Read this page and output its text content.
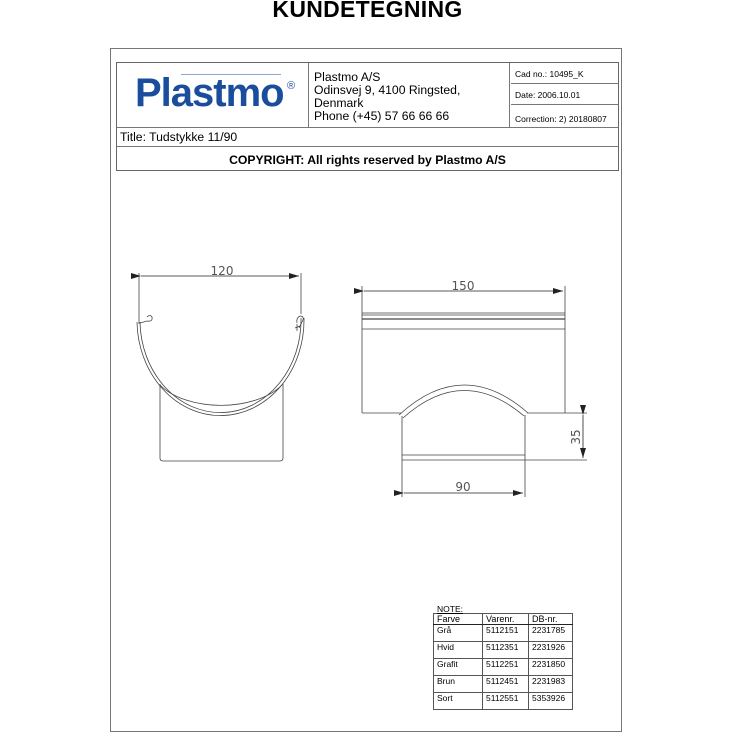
KUNDETEGNING
Plastmo ®
Plastmo A/S
Odinsvej 9, 4100 Ringsted, Denmark
Phone (+45) 57 66 66 66
Cad no.: 10495_K
Date: 2006.10.01
Correction: 2) 20180807
Title: Tudstykke 11/90
COPYRIGHT: All rights reserved by Plastmo A/S
120
150
90
35
NOTE:
Farve	Varenr.	DB-nr.
Grå	5112151	2231785
Hvid	5112351	2231926
Grafit	5112251	2231850
Brun	5112451	2231983
Sort	5112551	5353926
